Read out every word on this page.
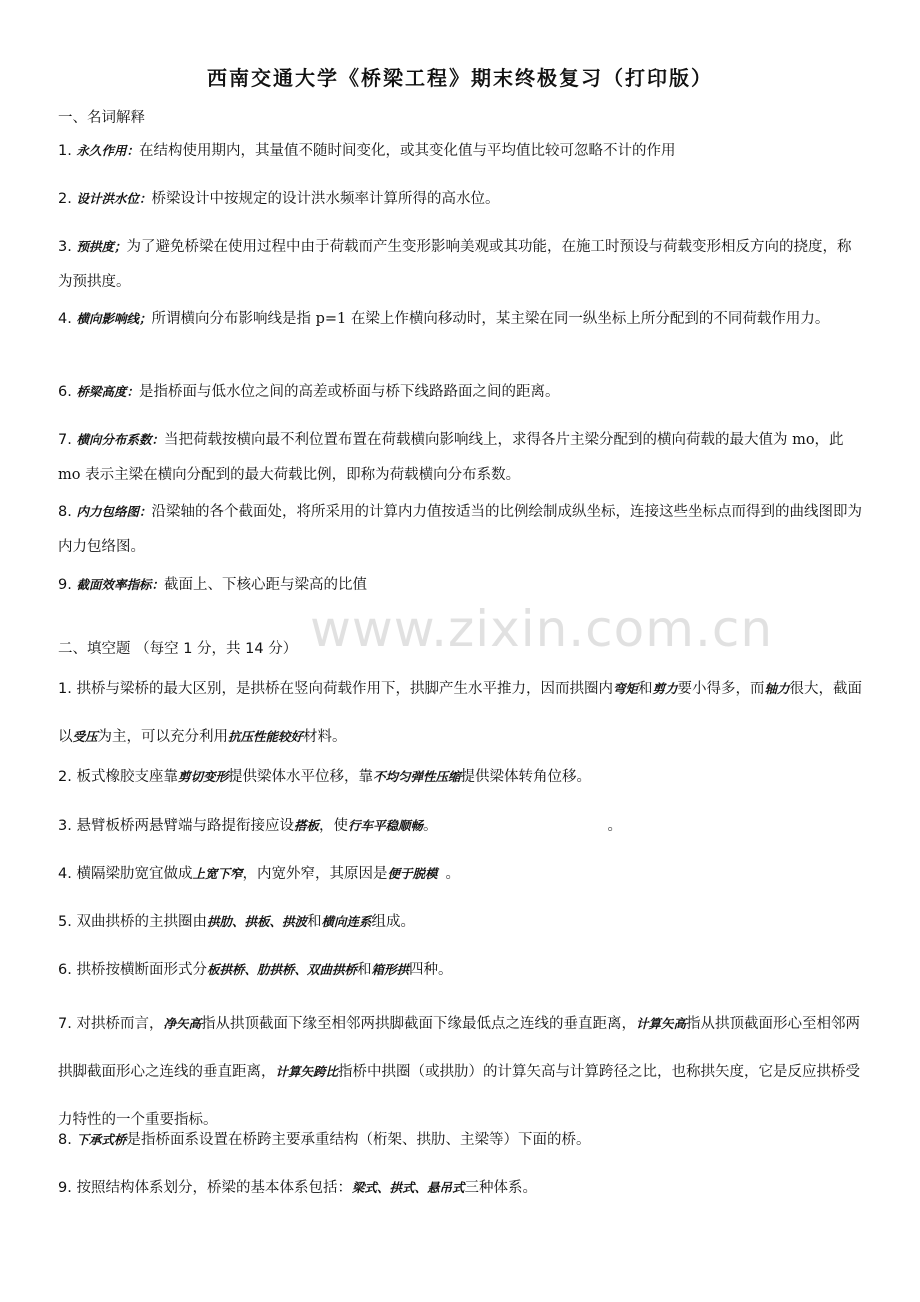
西南交通大学《桥梁工程》期末终极复习（打印版）
www.zixin.com.cn
一、名词解释
1. 永久作用：在结构使用期内，其量值不随时间变化，或其变化值与平均值比较可忽略不计的作用
2. 设计洪水位：桥梁设计中按规定的设计洪水频率计算所得的高水位。
3. 预拱度；为了避免桥梁在使用过程中由于荷载而产生变形影响美观或其功能，在施工时预设与荷载变形相反方向的挠度，称为预拱度。
4. 横向影响线；所谓横向分布影响线是指 p=1 在梁上作横向移动时，某主梁在同一纵坐标上所分配到的不同荷载作用力。
6. 桥梁高度：是指桥面与低水位之间的高差或桥面与桥下线路路面之间的距离。
7. 横向分布系数：当把荷载按横向最不利位置布置在荷载横向影响线上，求得各片主梁分配到的横向荷载的最大值为 mo，此 mo 表示主梁在横向分配到的最大荷载比例，即称为荷载横向分布系数。
8. 内力包络图：沿梁轴的各个截面处，将所采用的计算内力值按适当的比例绘制成纵坐标，连接这些坐标点而得到的曲线图即为内力包络图。
9. 截面效率指标：截面上、下核心距与梁高的比值
二、填空题 （每空 1 分，共 14 分）
1. 拱桥与梁桥的最大区别，是拱桥在竖向荷载作用下，拱脚产生水平推力，因而拱圈内弯矩和剪力要小得多，而轴力很大，截面以受压为主，可以充分利用抗压性能较好材料。
2. 板式橡胶支座靠剪切变形提供梁体水平位移，靠不均匀弹性压缩提供梁体转角位移。
3. 悬臂板桥两悬臂端与路提衔接应设搭板，使行车平稳顺畅。	。
4. 横隔梁肋宽宜做成上宽下窄，内宽外窄，其原因是便于脱模 。
5. 双曲拱桥的主拱圈由拱肋、拱板、拱波和横向连系组成。
6. 拱桥按横断面形式分板拱桥、肋拱桥、双曲拱桥和箱形拱四种。
7. 对拱桥而言，净矢高指从拱顶截面下缘至相邻两拱脚截面下缘最低点之连线的垂直距离，计算矢高指从拱顶截面形心至相邻两拱脚截面形心之连线的垂直距离，计算矢跨比指桥中拱圈（或拱肋）的计算矢高与计算跨径之比，也称拱矢度，它是反应拱桥受力特性的一个重要指标。
8. 下承式桥是指桥面系设置在桥跨主要承重结构（桁架、拱肋、主梁等）下面的桥。
9. 按照结构体系划分，桥梁的基本体系包括：梁式、拱式、悬吊式三种体系。
